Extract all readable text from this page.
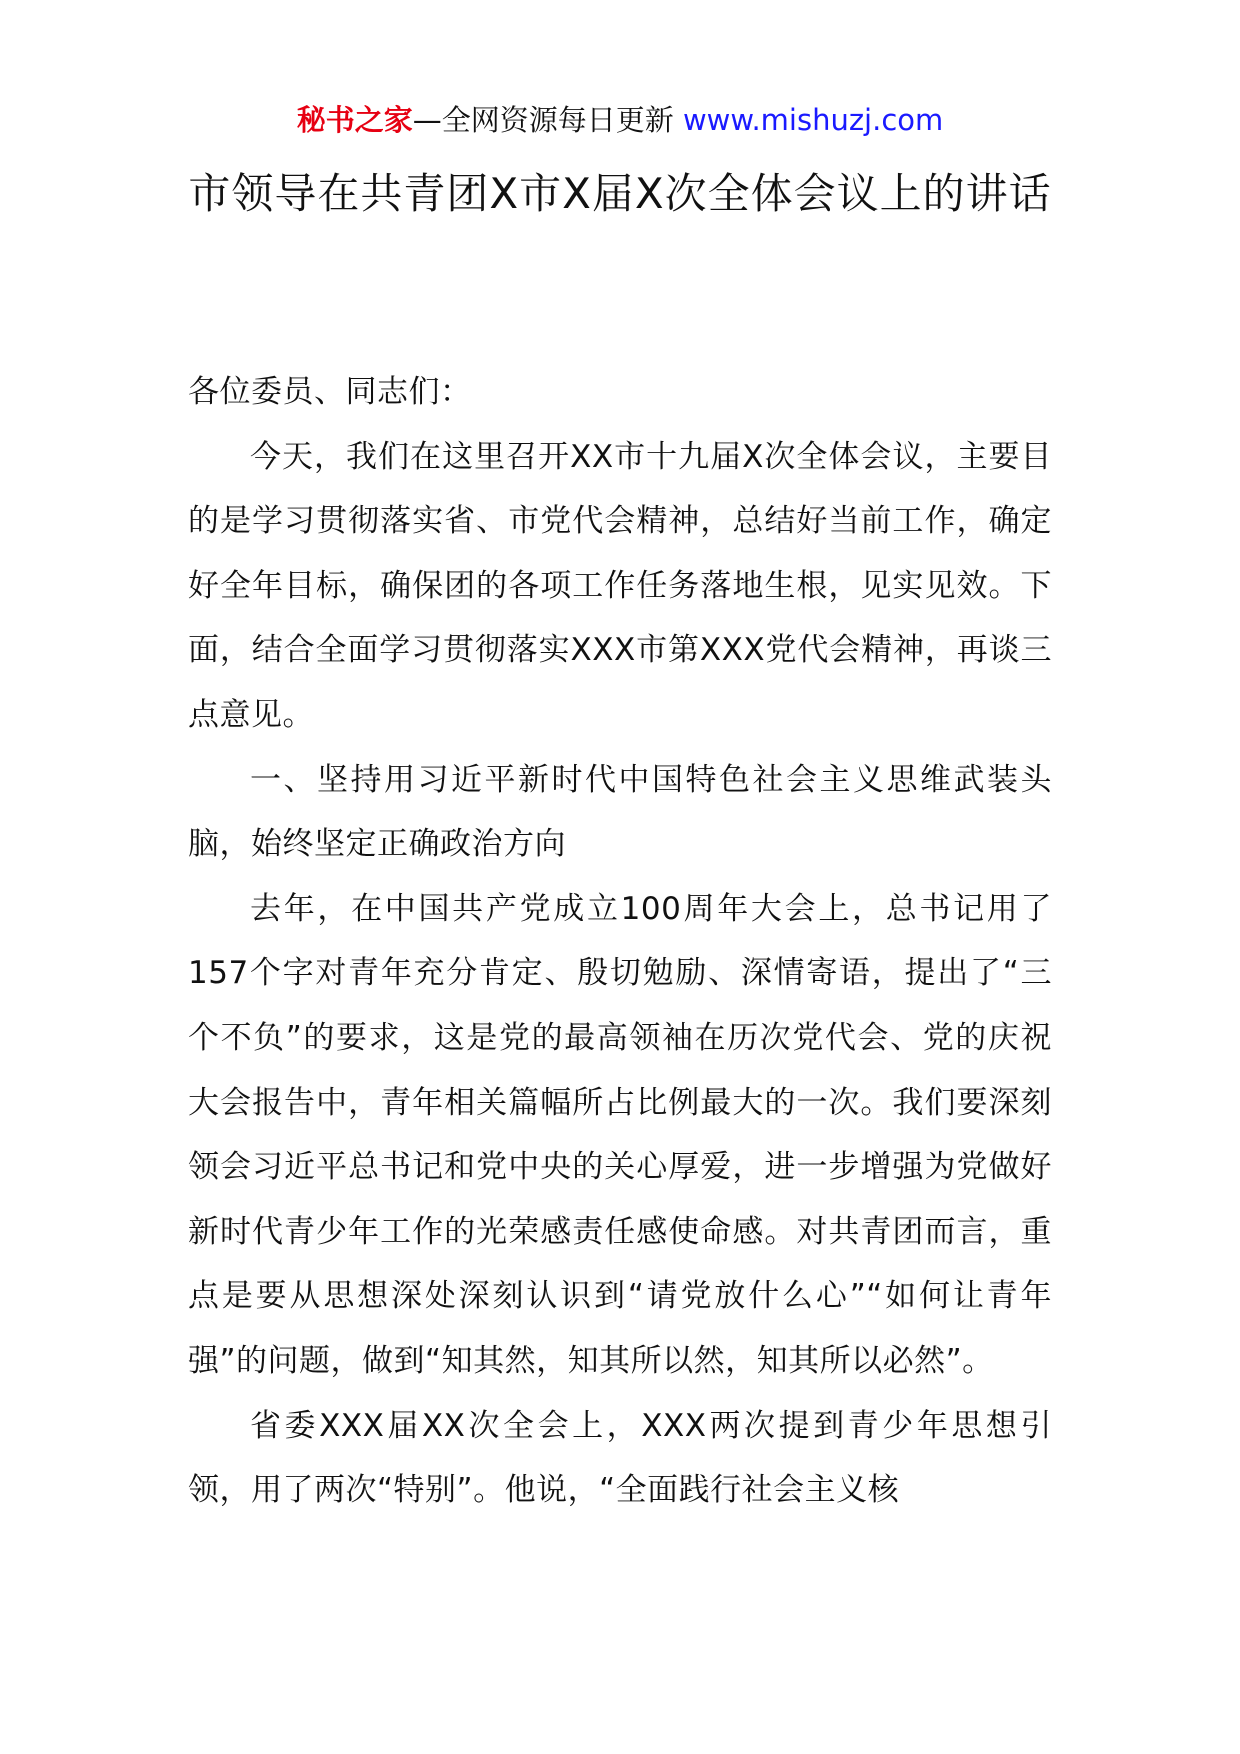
秘书之家—全网资源每日更新 www.mishuzj.com
市领导在共青团X市X届X次全体会议上的讲话

各位委员、同志们：

今天，我们在这里召开XX市十九届X次全体会议，主要目的是学习贯彻落实省、市党代会精神，总结好当前工作，确定好全年目标，确保团的各项工作任务落地生根，见实见效。下面，结合全面学习贯彻落实XXX市第XXX党代会精神，再谈三点意见。

一、坚持用习近平新时代中国特色社会主义思维武装头脑，始终坚定正确政治方向

去年，在中国共产党成立100周年大会上，总书记用了157个字对青年充分肯定、殷切勉励、深情寄语，提出了“三个不负”的要求，这是党的最高领袖在历次党代会、党的庆祝大会报告中，青年相关篇幅所占比例最大的一次。我们要深刻领会习近平总书记和党中央的关心厚爱，进一步增强为党做好新时代青少年工作的光荣感责任感使命感。对共青团而言，重点是要从思想深处深刻认识到“请党放什么心”“如何让青年强”的问题，做到“知其然，知其所以然，知其所以必然”。

省委XXX届XX次全会上，XXX两次提到青少年思想引领，用了两次“特别”。他说，“全面践行社会主义核
